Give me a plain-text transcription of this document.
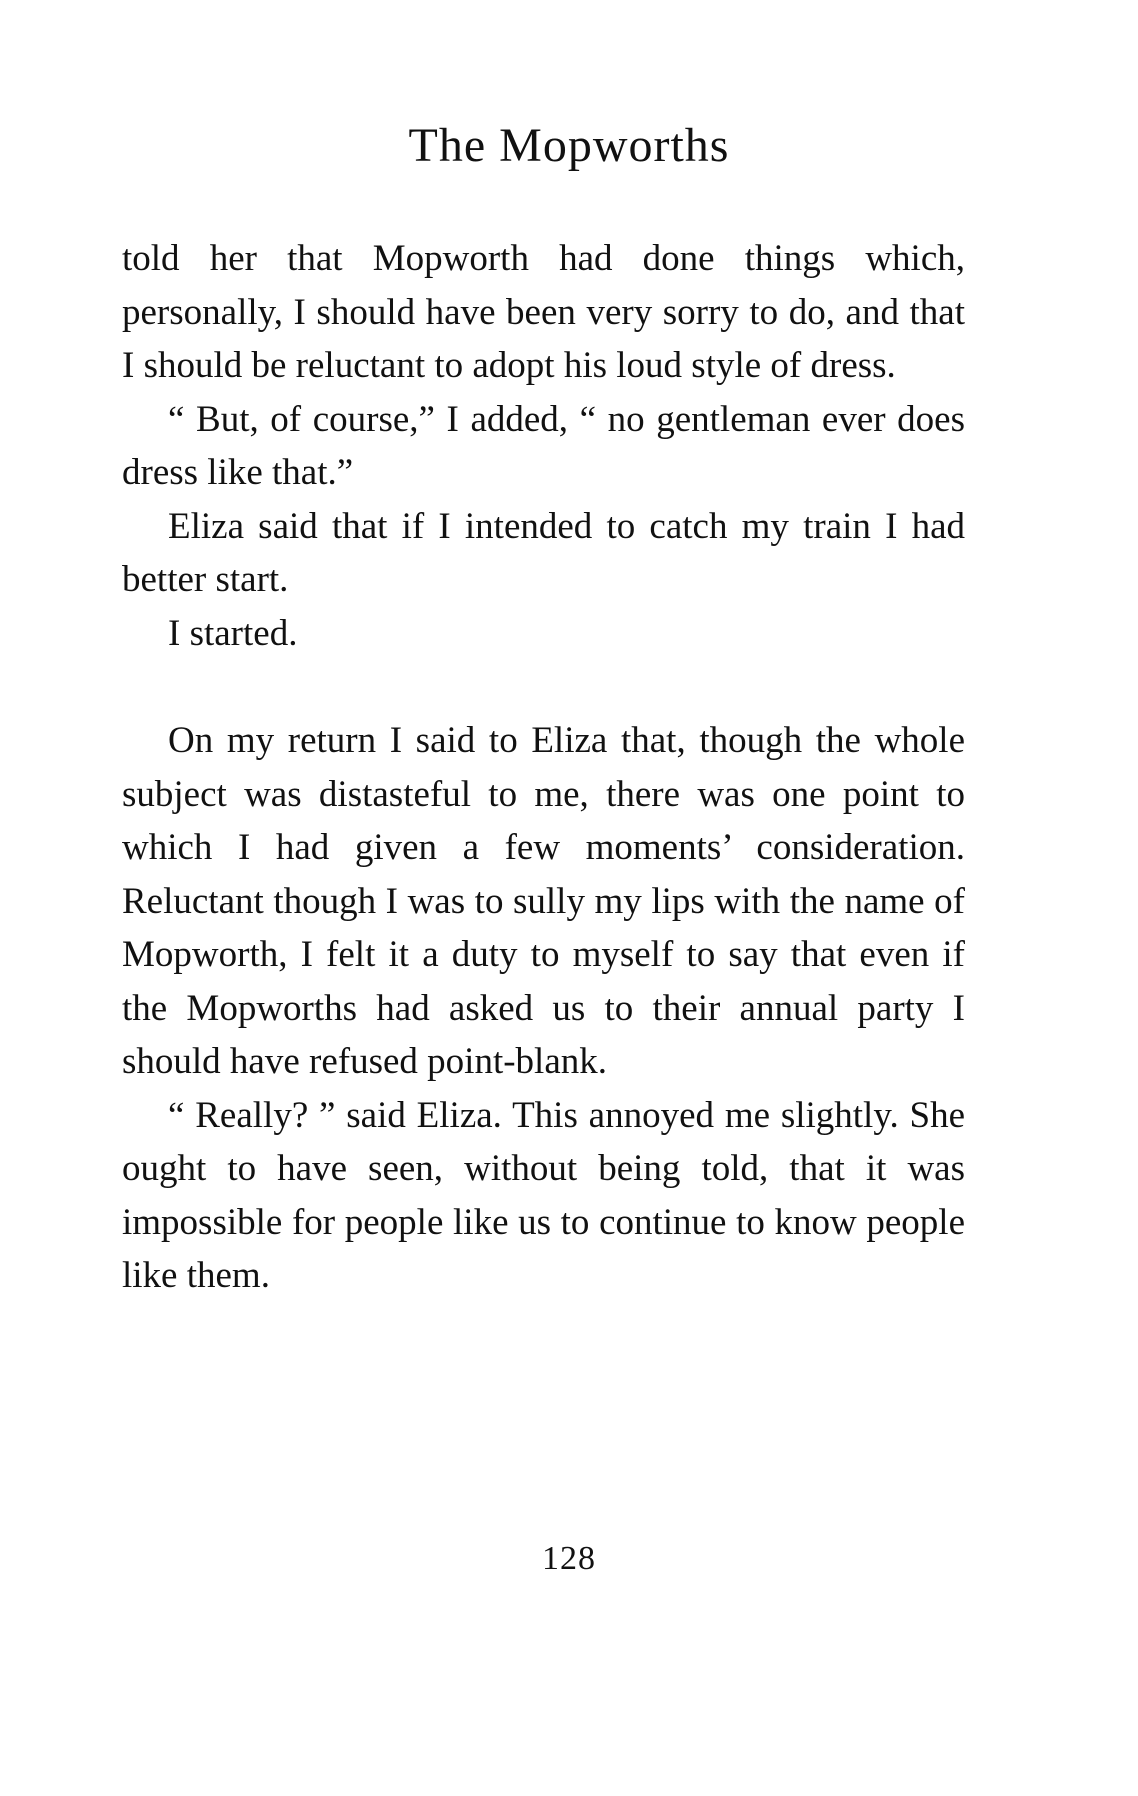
The Mopworths

told her that Mopworth had done things which, personally, I should have been very sorry to do, and that I should be reluctant to adopt his loud style of dress.

“ But, of course,” I added, “ no gentleman ever does dress like that.”

Eliza said that if I intended to catch my train I had better start.

I started.

On my return I said to Eliza that, though the whole subject was distasteful to me, there was one point to which I had given a few moments’ consideration. Reluctant though I was to sully my lips with the name of Mopworth, I felt it a duty to myself to say that even if the Mopworths had asked us to their annual party I should have refused point-blank.

“ Really? ” said Eliza. This annoyed me slightly. She ought to have seen, without being told, that it was impossible for people like us to continue to know people like them.

128
